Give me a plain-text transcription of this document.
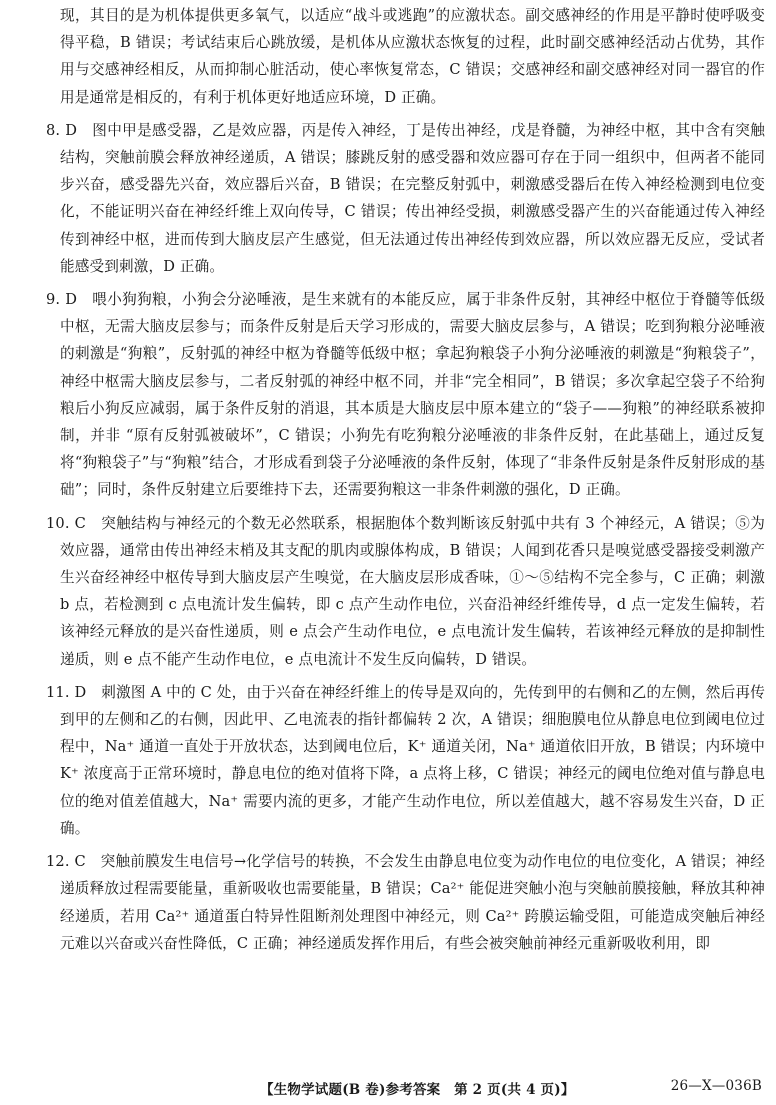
现，其目的是为机体提供更多氧气，以适应“战斗或逃跑”的应激状态。副交感神经的作用是平静时使呼吸变得平稳，B 错误；考试结束后心跳放缓，是机体从应激状态恢复的过程，此时副交感神经活动占优势，其作用与交感神经相反，从而抑制心脏活动，使心率恢复常态，C 错误；交感神经和副交感神经对同一器官的作用是通常是相反的，有利于机体更好地适应环境，D 正确。

8. D　图中甲是感受器，乙是效应器，丙是传入神经，丁是传出神经，戊是脊髓，为神经中枢，其中含有突触结构，突触前膜会释放神经递质，A 错误；膝跳反射的感受器和效应器可存在于同一组织中，但两者不能同步兴奋，感受器先兴奋，效应器后兴奋，B 错误；在完整反射弧中，刺激感受器后在传入神经检测到电位变化，不能证明兴奋在神经纤维上双向传导，C 错误；传出神经受损，刺激感受器产生的兴奋能通过传入神经传到神经中枢，进而传到大脑皮层产生感觉，但无法通过传出神经传到效应器，所以效应器无反应，受试者能感受到刺激，D 正确。

9. D　喂小狗狗粮，小狗会分泌唾液，是生来就有的本能反应，属于非条件反射，其神经中枢位于脊髓等低级中枢，无需大脑皮层参与；而条件反射是后天学习形成的，需要大脑皮层参与，A 错误；吃到狗粮分泌唾液的刺激是“狗粮”，反射弧的神经中枢为脊髓等低级中枢；拿起狗粮袋子小狗分泌唾液的刺激是“狗粮袋子”，神经中枢需大脑皮层参与，二者反射弧的神经中枢不同，并非“完全相同”，B 错误；多次拿起空袋子不给狗粮后小狗反应减弱，属于条件反射的消退，其本质是大脑皮层中原本建立的“袋子——狗粮”的神经联系被抑制，并非 “原有反射弧被破坏”，C 错误；小狗先有吃狗粮分泌唾液的非条件反射，在此基础上，通过反复将“狗粮袋子”与“狗粮”结合，才形成看到袋子分泌唾液的条件反射，体现了“非条件反射是条件反射形成的基础”；同时，条件反射建立后要维持下去，还需要狗粮这一非条件刺激的强化，D 正确。

10. C　突触结构与神经元的个数无必然联系，根据胞体个数判断该反射弧中共有 3 个神经元，A 错误；⑤为效应器，通常由传出神经末梢及其支配的肌肉或腺体构成，B 错误；人闻到花香只是嗅觉感受器接受刺激产生兴奋经神经中枢传导到大脑皮层产生嗅觉，在大脑皮层形成香味，①～⑤结构不完全参与，C 正确；刺激 b 点，若检测到 c 点电流计发生偏转，即 c 点产生动作电位，兴奋沿神经纤维传导，d 点一定发生偏转，若该神经元释放的是兴奋性递质，则 e 点会产生动作电位，e 点电流计发生偏转，若该神经元释放的是抑制性递质，则 e 点不能产生动作电位，e 点电流计不发生反向偏转，D 错误。

11. D　刺激图 A 中的 C 处，由于兴奋在神经纤维上的传导是双向的，先传到甲的右侧和乙的左侧，然后再传到甲的左侧和乙的右侧，因此甲、乙电流表的指针都偏转 2 次，A 错误；细胞膜电位从静息电位到阈电位过程中，Na⁺ 通道一直处于开放状态，达到阈电位后，K⁺ 通道关闭，Na⁺ 通道依旧开放，B 错误；内环境中 K⁺ 浓度高于正常环境时，静息电位的绝对值将下降，a 点将上移，C 错误；神经元的阈电位绝对值与静息电位的绝对值差值越大，Na⁺ 需要内流的更多，才能产生动作电位，所以差值越大，越不容易发生兴奋，D 正确。

12. C　突触前膜发生电信号→化学信号的转换，不会发生由静息电位变为动作电位的电位变化，A 错误；神经递质释放过程需要能量，重新吸收也需要能量，B 错误；Ca²⁺ 能促进突触小泡与突触前膜接触，释放其种神经递质，若用 Ca²⁺ 通道蛋白特异性阻断剂处理图中神经元，则 Ca²⁺ 跨膜运输受阻，可能造成突触后神经元难以兴奋或兴奋性降低，C 正确；神经递质发挥作用后，有些会被突触前神经元重新吸收利用，即

【生物学试题(B 卷)参考答案　第 2 页(共 4 页)】	26—X—036B
